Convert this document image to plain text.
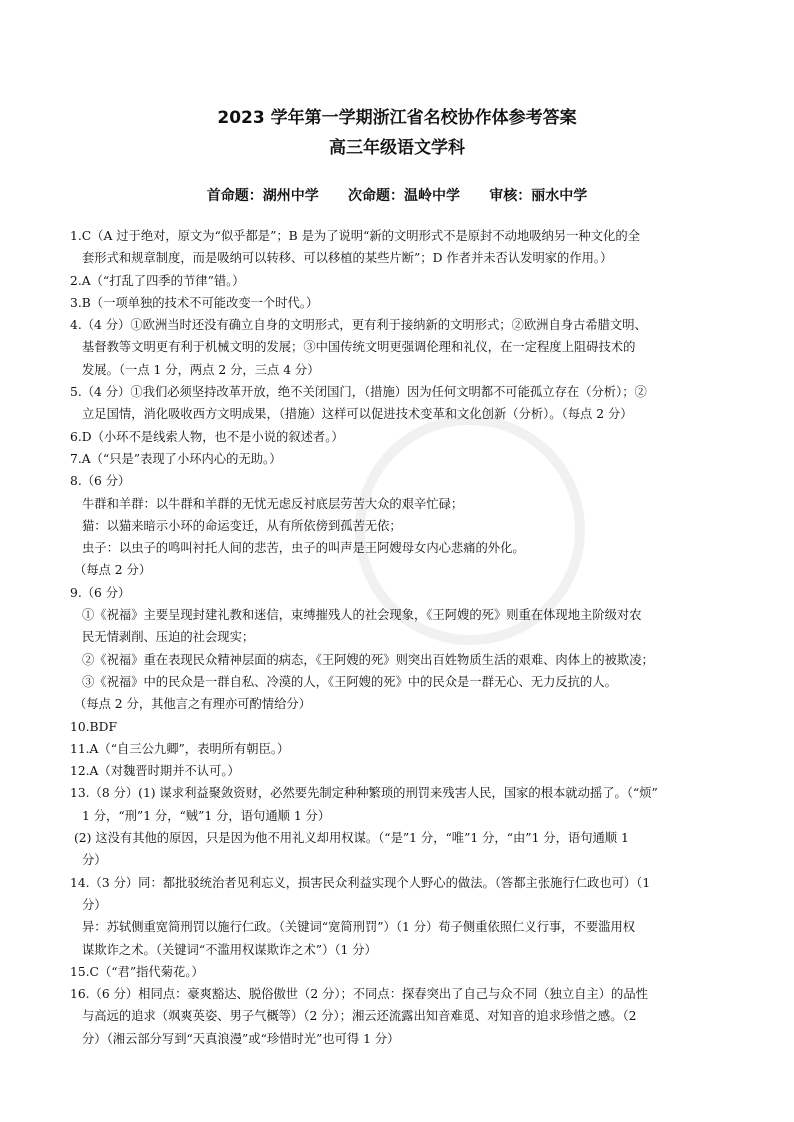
2023 学年第一学期浙江省名校协作体参考答案
高三年级语文学科
首命题：湖州中学      次命题：温岭中学      审核：丽水中学
1.C（A 过于绝对，原文为“似乎都是”；B 是为了说明“新的文明形式不是原封不动地吸纳另一种文化的全
套形式和规章制度，而是吸纳可以转移、可以移植的某些片断”；D 作者并未否认发明家的作用。）
2.A（“打乱了四季的节律”错。）
3.B（一项单独的技术不可能改变一个时代。）
4.（4 分）①欧洲当时还没有确立自身的文明形式，更有利于接纳新的文明形式；②欧洲自身古希腊文明、
基督教等文明更有利于机械文明的发展；③中国传统文明更强调伦理和礼仪，在一定程度上阻碍技术的
发展。（一点 1 分，两点 2 分，三点 4 分）
5.（4 分）①我们必须坚持改革开放，绝不关闭国门，（措施）因为任何文明都不可能孤立存在（分析）；②
立足国情，消化吸收西方文明成果，（措施）这样可以促进技术变革和文化创新（分析）。（每点 2 分）
6.D（小环不是线索人物，也不是小说的叙述者。）
7.A（“只是”表现了小环内心的无助。）
8.（6 分）
牛群和羊群：以牛群和羊群的无忧无虑反衬底层劳苦大众的艰辛忙碌；
猫：以猫来暗示小环的命运变迁，从有所依傍到孤苦无依；
虫子：以虫子的鸣叫衬托人间的悲苦，虫子的叫声是王阿嫂母女内心悲痛的外化。
（每点 2 分）
9.（6 分）
①《祝福》主要呈现封建礼教和迷信，束缚摧残人的社会现象，《王阿嫂的死》则重在体现地主阶级对农
民无情剥削、压迫的社会现实；
②《祝福》重在表现民众精神层面的病态，《王阿嫂的死》则突出百姓物质生活的艰难、肉体上的被欺凌；
③《祝福》中的民众是一群自私、冷漠的人，《王阿嫂的死》中的民众是一群无心、无力反抗的人。
（每点 2 分，其他言之有理亦可酌情给分）
10.BDF
11.A（“自三公九卿”，表明所有朝臣。）
12.A（对魏晋时期并不认可。）
13.（8 分）(1) 谋求利益聚敛资财，必然要先制定种种繁琐的刑罚来残害人民，国家的根本就动摇了。（“烦”
1 分，“刑”1 分，“贼”1 分，语句通顺 1 分）
(2) 这没有其他的原因，只是因为他不用礼义却用权谋。（“是”1 分，“唯”1 分，“由”1 分，语句通顺 1
分）
14.（3 分）同：都批驳统治者见利忘义，损害民众利益实现个人野心的做法。（答都主张施行仁政也可）（1
分）
异：苏轼侧重宽简刑罚以施行仁政。（关键词“宽简刑罚”）（1 分）荀子侧重依照仁义行事，不要滥用权
谋欺诈之术。（关键词“不滥用权谋欺诈之术”）（1 分）
15.C（“君”指代菊花。）
16.（6 分）相同点：豪爽豁达、脱俗傲世（2 分）；不同点：探春突出了自己与众不同（独立自主）的品性
与高远的追求（飒爽英姿、男子气概等）（2 分）；湘云还流露出知音难觅、对知音的追求珍惜之感。（2
分）（湘云部分写到“天真浪漫”或“珍惜时光”也可得 1 分）
